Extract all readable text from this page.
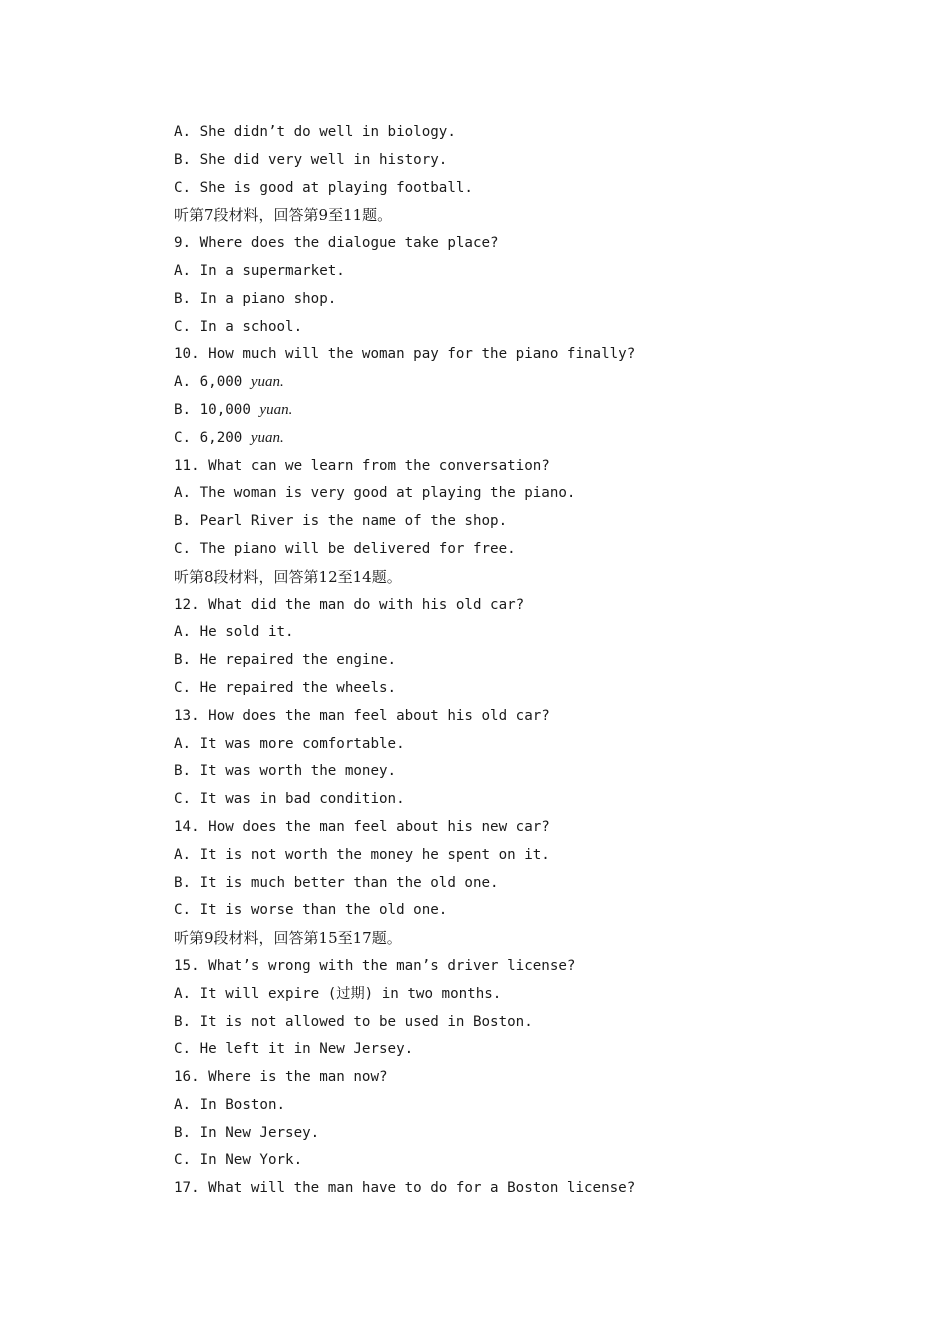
A. She didn’t do well in biology.
B. She did very well in history.
C. She is good at playing football.
听第7段材料，回答第9至11题。
9. Where does the dialogue take place?
A. In a supermarket.
B. In a piano shop.
C. In a school.
10. How much will the woman pay for the piano finally?
A. 6,000 yuan.
B. 10,000 yuan.
C. 6,200 yuan.
11. What can we learn from the conversation?
A. The woman is very good at playing the piano.
B. Pearl River is the name of the shop.
C. The piano will be delivered for free.
听第8段材料，回答第12至14题。
12. What did the man do with his old car?
A. He sold it.
B. He repaired the engine.
C. He repaired the wheels.
13. How does the man feel about his old car?
A. It was more comfortable.
B. It was worth the money.
C. It was in bad condition.
14. How does the man feel about his new car?
A. It is not worth the money he spent on it.
B. It is much better than the old one.
C. It is worse than the old one.
听第9段材料，回答第15至17题。
15. What’s wrong with the man’s driver license?
A. It will expire (过期) in two months.
B. It is not allowed to be used in Boston.
C. He left it in New Jersey.
16. Where is the man now?
A. In Boston.
B. In New Jersey.
C. In New York.
17. What will the man have to do for a Boston license?
